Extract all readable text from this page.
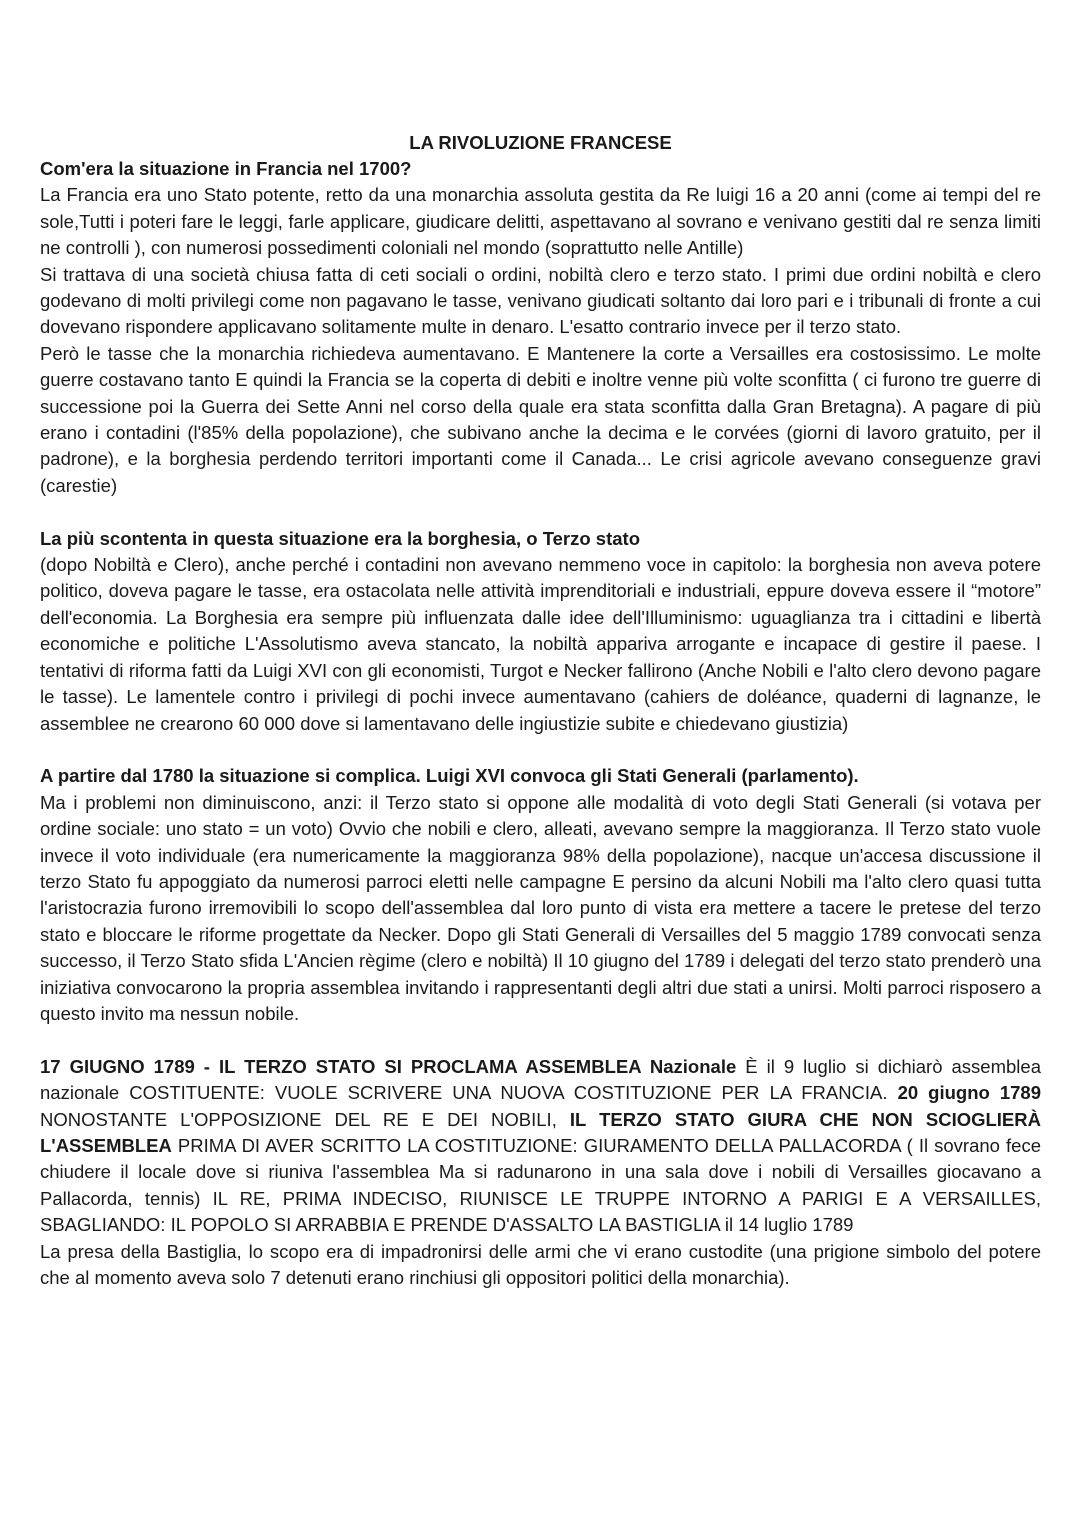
LA RIVOLUZIONE FRANCESE
Com'era la situazione in Francia nel 1700?

La Francia era uno Stato potente, retto da una monarchia assoluta gestita da Re luigi 16 a 20 anni (come ai tempi del re sole,Tutti i poteri fare le leggi, farle applicare, giudicare delitti, aspettavano al sovrano e venivano gestiti dal re senza limiti ne controlli ), con numerosi possedimenti coloniali nel mondo (soprattutto nelle Antille)

Si trattava di una società chiusa fatta di ceti sociali o ordini, nobiltà clero e terzo stato. I primi due ordini nobiltà e clero godevano di molti privilegi come non pagavano le tasse, venivano giudicati soltanto dai loro pari e i tribunali di fronte a cui dovevano rispondere applicavano solitamente multe in denaro. L'esatto contrario invece per il terzo stato.

Però le tasse che la monarchia richiedeva aumentavano. E Mantenere la corte a Versailles era costosissimo. Le molte guerre costavano tanto E quindi la Francia se la coperta di debiti e inoltre venne più volte sconfitta ( ci furono tre guerre di successione poi la Guerra dei Sette Anni nel corso della quale era stata sconfitta dalla Gran Bretagna). A pagare di più erano i contadini (l'85% della popolazione), che subivano anche la decima e le corvées (giorni di lavoro gratuito, per il padrone), e la borghesia perdendo territori importanti come il Canada... Le crisi agricole avevano conseguenze gravi (carestie)

La più scontenta in questa situazione era la borghesia, o Terzo stato

(dopo Nobiltà e Clero), anche perché i contadini non avevano nemmeno voce in capitolo: la borghesia non aveva potere politico, doveva pagare le tasse, era ostacolata nelle attività imprenditoriali e industriali, eppure doveva essere il “motore” dell'economia. La Borghesia era sempre più influenzata dalle idee dell'Illuminismo: uguaglianza tra i cittadini e libertà economiche e politiche L'Assolutismo aveva stancato, la nobiltà appariva arrogante e incapace di gestire il paese. I tentativi di riforma fatti da Luigi XVI con gli economisti, Turgot e Necker fallirono (Anche Nobili e l'alto clero devono pagare le tasse). Le lamentele contro i privilegi di pochi invece aumentavano (cahiers de doléance, quaderni di lagnanze, le assemblee ne crearono 60 000 dove si lamentavano delle ingiustizie subite e chiedevano giustizia)

A partire dal 1780 la situazione si complica. Luigi XVI convoca gli Stati Generali (parlamento).

Ma i problemi non diminuiscono, anzi: il Terzo stato si oppone alle modalità di voto degli Stati Generali (si votava per ordine sociale: uno stato = un voto) Ovvio che nobili e clero, alleati, avevano sempre la maggioranza. Il Terzo stato vuole invece il voto individuale (era numericamente la maggioranza 98% della popolazione), nacque un'accesa discussione il terzo Stato fu appoggiato da numerosi parroci eletti nelle campagne E persino da alcuni Nobili ma l'alto clero quasi tutta l'aristocrazia furono irremovibili lo scopo dell'assemblea dal loro punto di vista era mettere a tacere le pretese del terzo stato e bloccare le riforme progettate da Necker. Dopo gli Stati Generali di Versailles del 5 maggio 1789 convocati senza successo, il Terzo Stato sfida L'Ancien règime (clero e nobiltà) Il 10 giugno del 1789 i delegati del terzo stato prenderò una iniziativa convocarono la propria assemblea invitando i rappresentanti degli altri due stati a unirsi. Molti parroci risposero a questo invito ma nessun nobile.

17 GIUGNO 1789 - IL TERZO STATO SI PROCLAMA ASSEMBLEA Nazionale È il 9 luglio si dichiarò assemblea nazionale COSTITUENTE: VUOLE SCRIVERE UNA NUOVA COSTITUZIONE PER LA FRANCIA. 20 giugno 1789 NONOSTANTE L'OPPOSIZIONE DEL RE E DEI NOBILI, IL TERZO STATO GIURA CHE NON SCIOGLIERÀ L'ASSEMBLEA PRIMA DI AVER SCRITTO LA COSTITUZIONE: GIURAMENTO DELLA PALLACORDA ( Il sovrano fece chiudere il locale dove si riuniva l'assemblea Ma si radunarono in una sala dove i nobili di Versailles giocavano a Pallacorda, tennis) IL RE, PRIMA INDECISO, RIUNISCE LE TRUPPE INTORNO A PARIGI E A VERSAILLES, SBAGLIANDO: IL POPOLO SI ARRABBIA E PRENDE D'ASSALTO LA BASTIGLIA il 14 luglio 1789

La presa della Bastiglia, lo scopo era di impadronirsi delle armi che vi erano custodite (una prigione simbolo del potere che al momento aveva solo 7 detenuti erano rinchiusi gli oppositori politici della monarchia).
